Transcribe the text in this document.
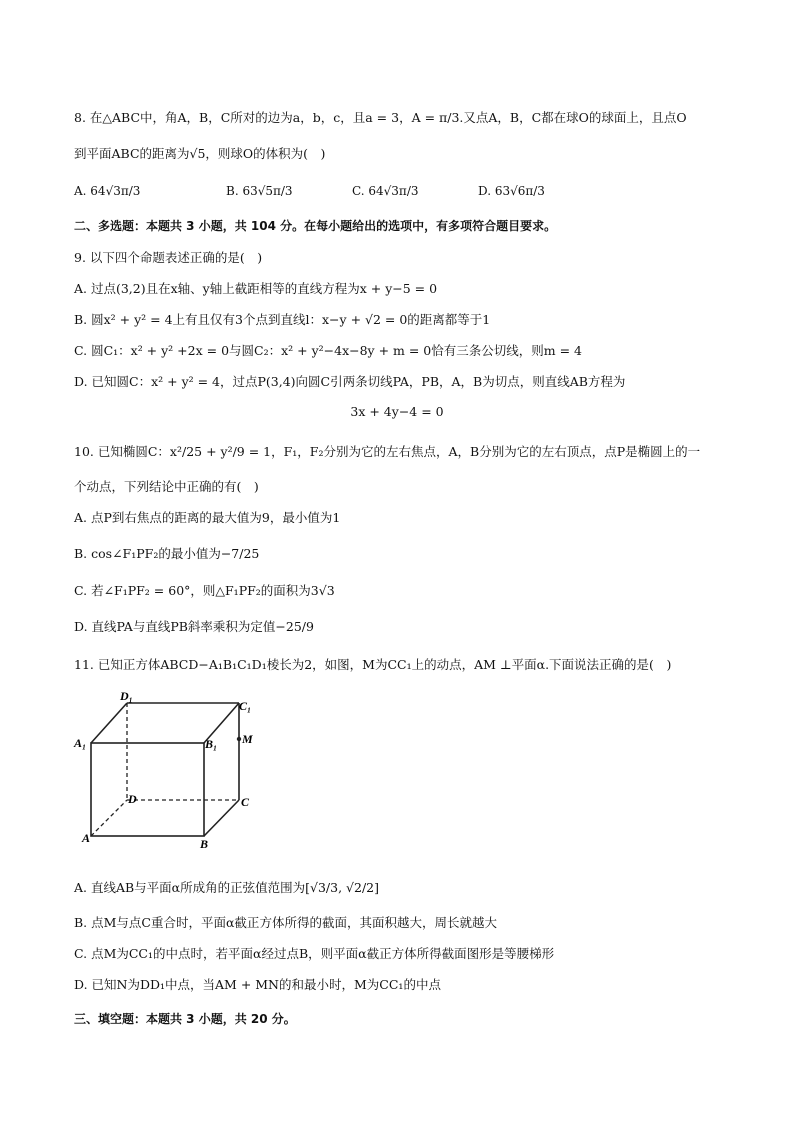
8. 在△ABC中，角A，B，C所对的边为a，b，c，且a = 3，A = π/3.又点A，B，C都在球O的球面上，且点O
到平面ABC的距离为√5，则球O的体积为(　)
A. 64√3π/3	B. 63√5π/3	C. 64√3π/3	D. 63√6π/3
二、多选题：本题共 3 小题，共 104 分。在每小题给出的选项中，有多项符合题目要求。
9. 以下四个命题表述正确的是(　)
A. 过点(3,2)且在x轴、y轴上截距相等的直线方程为x + y−5 = 0
B. 圆x² + y² = 4上有且仅有3个点到直线l：x−y + √2 = 0的距离都等于1
C. 圆C₁：x² + y² +2x = 0与圆C₂：x² + y²−4x−8y + m = 0恰有三条公切线，则m = 4
D. 已知圆C：x² + y² = 4，过点P(3,4)向圆C引两条切线PA，PB，A，B为切点，则直线AB方程为
3x + 4y−4 = 0
10. 已知椭圆C：x²/25 + y²/9 = 1，F₁，F₂分别为它的左右焦点，A，B分别为它的左右顶点，点P是椭圆上的一
个动点，下列结论中正确的有(　)
A. 点P到右焦点的距离的最大值为9，最小值为1
B. cos∠F₁PF₂的最小值为−7/25
C. 若∠F₁PF₂ = 60°，则△F₁PF₂的面积为3√3
D. 直线PA与直线PB斜率乘积为定值−25/9
11. 已知正方体ABCD−A₁B₁C₁D₁棱长为2，如图，M为CC₁上的动点，AM ⊥平面α.下面说法正确的是(　)
D₁
C₁
A₁	B₁ M
D	C
A	B
A. 直线AB与平面α所成角的正弦值范围为[√3/3, √2/2]
B. 点M与点C重合时，平面α截正方体所得的截面，其面积越大，周长就越大
C. 点M为CC₁的中点时，若平面α经过点B，则平面α截正方体所得截面图形是等腰梯形
D. 已知N为DD₁中点，当AM + MN的和最小时，M为CC₁的中点
三、填空题：本题共 3 小题，共 20 分。
